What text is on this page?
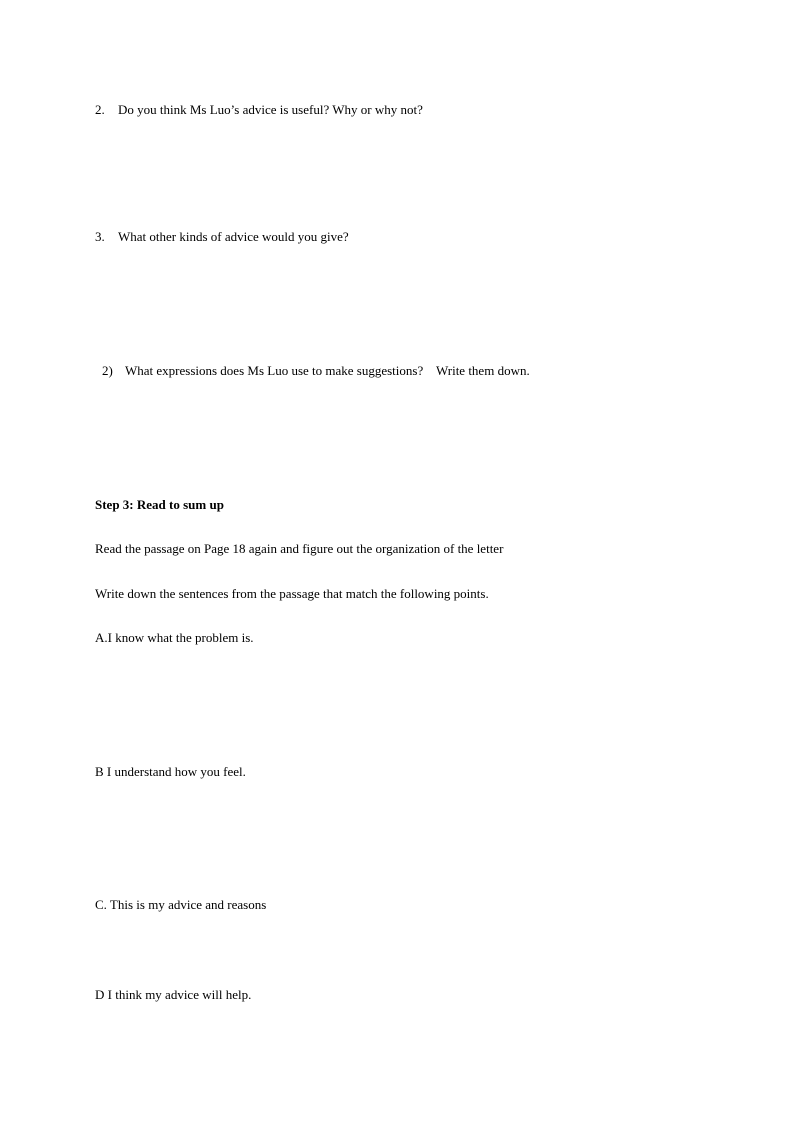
2. Do you think Ms Luo’s advice is useful? Why or why not?
3. What other kinds of advice would you give?
2) What expressions does Ms Luo use to make suggestions?    Write them down.
Step 3: Read to sum up
Read the passage on Page 18 again and figure out the organization of the letter
Write down the sentences from the passage that match the following points.
A.I know what the problem is.
B I understand how you feel.
C. This is my advice and reasons
D I think my advice will help.
